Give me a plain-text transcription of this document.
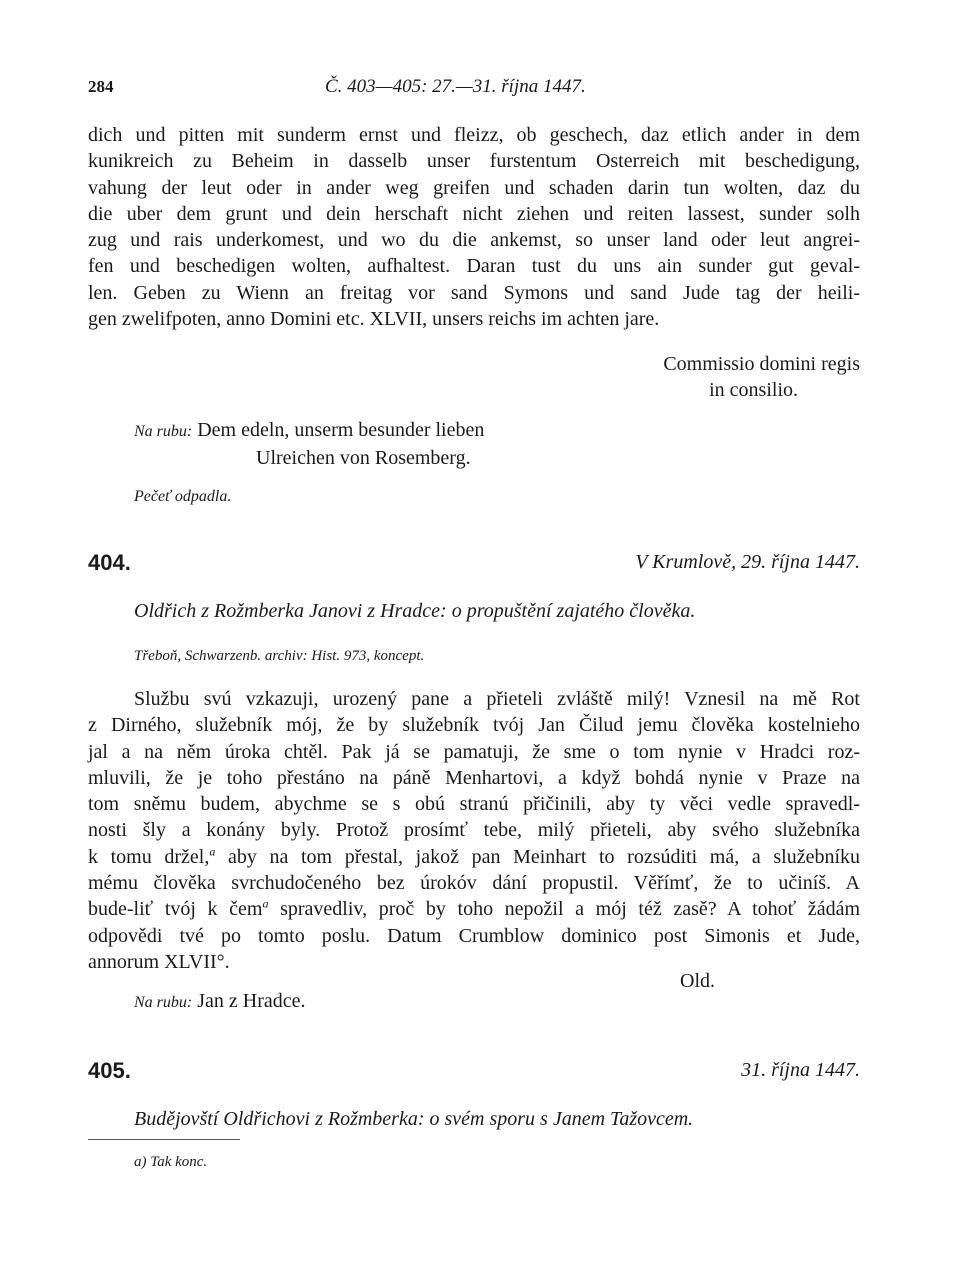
284	Č. 403—405: 27.—31. října 1447.
dich und pitten mit sunderm ernst und fleizz, ob geschech, daz etlich ander in dem
kunikreich zu Beheim in dasselb unser furstentum Osterreich mit beschedigung,
vahung der leut oder in ander weg greifen und schaden darin tun wolten, daz du
die uber dem grunt und dein herschaft nicht ziehen und reiten lassest, sunder solh
zug und rais underkomest, und wo du die ankemst, so unser land oder leut angrei-
fen und beschedigen wolten, aufhaltest. Daran tust du uns ain sunder gut geval-
len. Geben zu Wienn an freitag vor sand Symons und sand Jude tag der heili-
gen zwelifpoten, anno Domini etc. XLVII, unsers reichs im achten jare.
Commissio domini regis
in consilio.
Na rubu: Dem edeln, unserm besunder lieben
Ulreichen von Rosemberg.
Pečeť odpadla.
404.	V Krumlově, 29. října 1447.
Oldřich z Rožmberka Janovi z Hradce: o propuštění zajatého člověka.
Třeboň, Schwarzenb. archiv: Hist. 973, koncept.
Službu svú vzkazuji, urozený pane a přieteli zvláště milý! Vznesil na mě Rot
z Dirného, služebník mój, že by služebník tvój Jan Čilud jemu člověka kostelnieho
jal a na něm úroka chtěl. Pak já se pamatuji, že sme o tom nynie v Hradci roz-
mluvili, že je toho přestáno na páně Menhartovi, a když bohdá nynie v Praze na
tom sněmu budem, abychme se s obú stranú přičinili, aby ty věci vedle spravedl-
nosti šly a konány byly. Protož prosímť tebe, milý přieteli, aby svého služebníka
k tomu držel,$^a$ aby na tom přestal, jakož pan Meinhart to rozsúditi má, a služebníku
mému člověka svrchudočeného bez úrokóv dání propustil. Věřímť, že to učiníš. A
bude-liť tvój k čem$^a$ spravedliv, proč by toho nepožil a mój též zasě? A tohoť žádám
odpovědi tvé po tomto poslu. Datum Crumblow dominico post Simonis et Jude,
annorum XLVII°.
Old.
Na rubu: Jan z Hradce.
405.	31. října 1447.
Budějovští Oldřichovi z Rožmberka: o svém sporu s Janem Tažovcem.
a) Tak konc.
